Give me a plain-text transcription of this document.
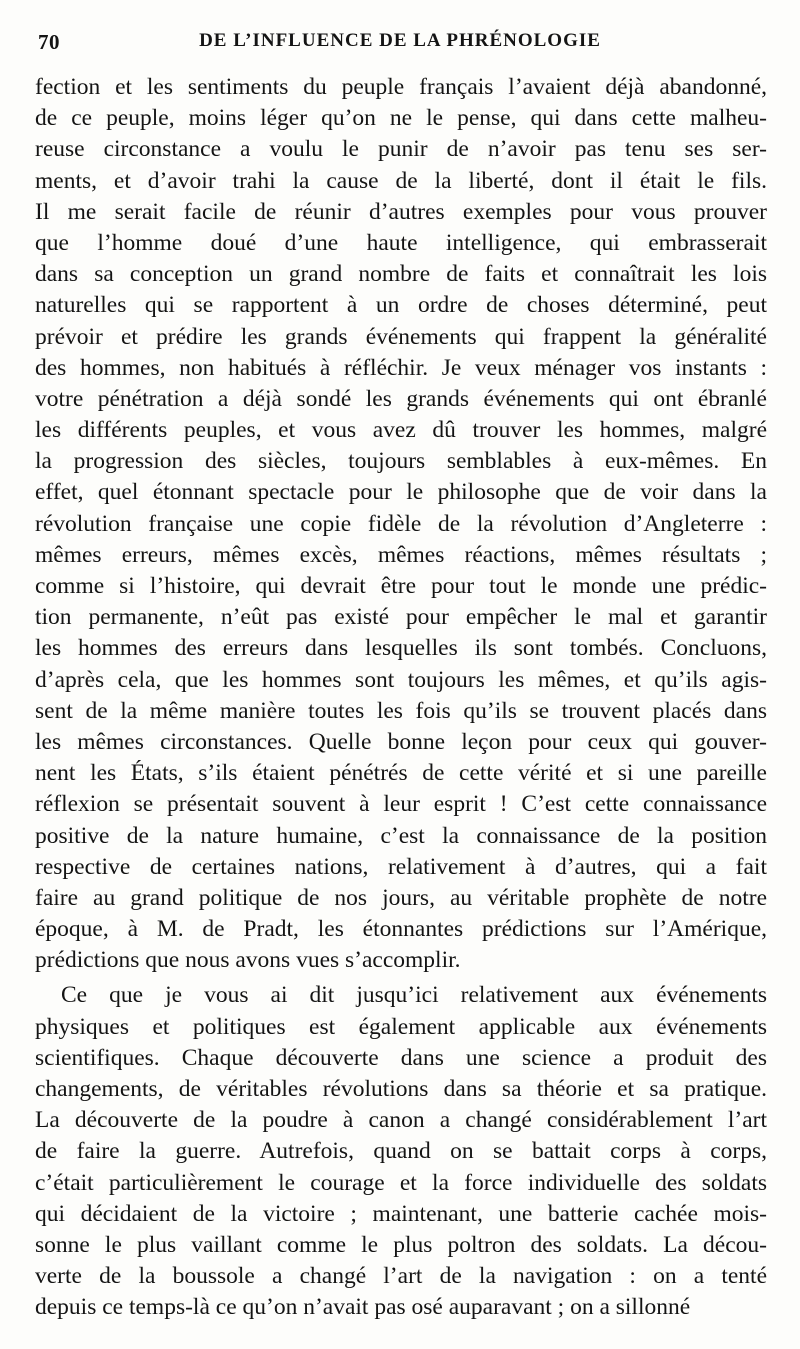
70	DE L’INFLUENCE DE LA PHRÉNOLOGIE
fection et les sentiments du peuple français l’avaient déjà abandonné,
de ce peuple, moins léger qu’on ne le pense, qui dans cette malheu-
reuse circonstance a voulu le punir de n’avoir pas tenu ses ser-
ments, et d’avoir trahi la cause de la liberté, dont il était le fils.
Il me serait facile de réunir d’autres exemples pour vous prouver
que l’homme doué d’une haute intelligence, qui embrasserait
dans sa conception un grand nombre de faits et connaîtrait les lois
naturelles qui se rapportent à un ordre de choses déterminé, peut
prévoir et prédire les grands événements qui frappent la généralité
des hommes, non habitués à réfléchir. Je veux ménager vos instants :
votre pénétration a déjà sondé les grands événements qui ont ébranlé
les différents peuples, et vous avez dû trouver les hommes, malgré
la progression des siècles, toujours semblables à eux-mêmes. En
effet, quel étonnant spectacle pour le philosophe que de voir dans la
révolution française une copie fidèle de la révolution d’Angleterre :
mêmes erreurs, mêmes excès, mêmes réactions, mêmes résultats ;
comme si l’histoire, qui devrait être pour tout le monde une prédic-
tion permanente, n’eût pas existé pour empêcher le mal et garantir
les hommes des erreurs dans lesquelles ils sont tombés. Concluons,
d’après cela, que les hommes sont toujours les mêmes, et qu’ils agis-
sent de la même manière toutes les fois qu’ils se trouvent placés dans
les mêmes circonstances. Quelle bonne leçon pour ceux qui gouver-
nent les États, s’ils étaient pénétrés de cette vérité et si une pareille
réflexion se présentait souvent à leur esprit ! C’est cette connaissance
positive de la nature humaine, c’est la connaissance de la position
respective de certaines nations, relativement à d’autres, qui a fait
faire au grand politique de nos jours, au véritable prophète de notre
époque, à M. de Pradt, les étonnantes prédictions sur l’Amérique,
prédictions que nous avons vues s’accomplir.
Ce que je vous ai dit jusqu’ici relativement aux événements
physiques et politiques est également applicable aux événements
scientifiques. Chaque découverte dans une science a produit des
changements, de véritables révolutions dans sa théorie et sa pratique.
La découverte de la poudre à canon a changé considérablement l’art
de faire la guerre. Autrefois, quand on se battait corps à corps,
c’était particulièrement le courage et la force individuelle des soldats
qui décidaient de la victoire ; maintenant, une batterie cachée mois-
sonne le plus vaillant comme le plus poltron des soldats. La décou-
verte de la boussole a changé l’art de la navigation : on a tenté
depuis ce temps-là ce qu’on n’avait pas osé auparavant ; on a sillonné
